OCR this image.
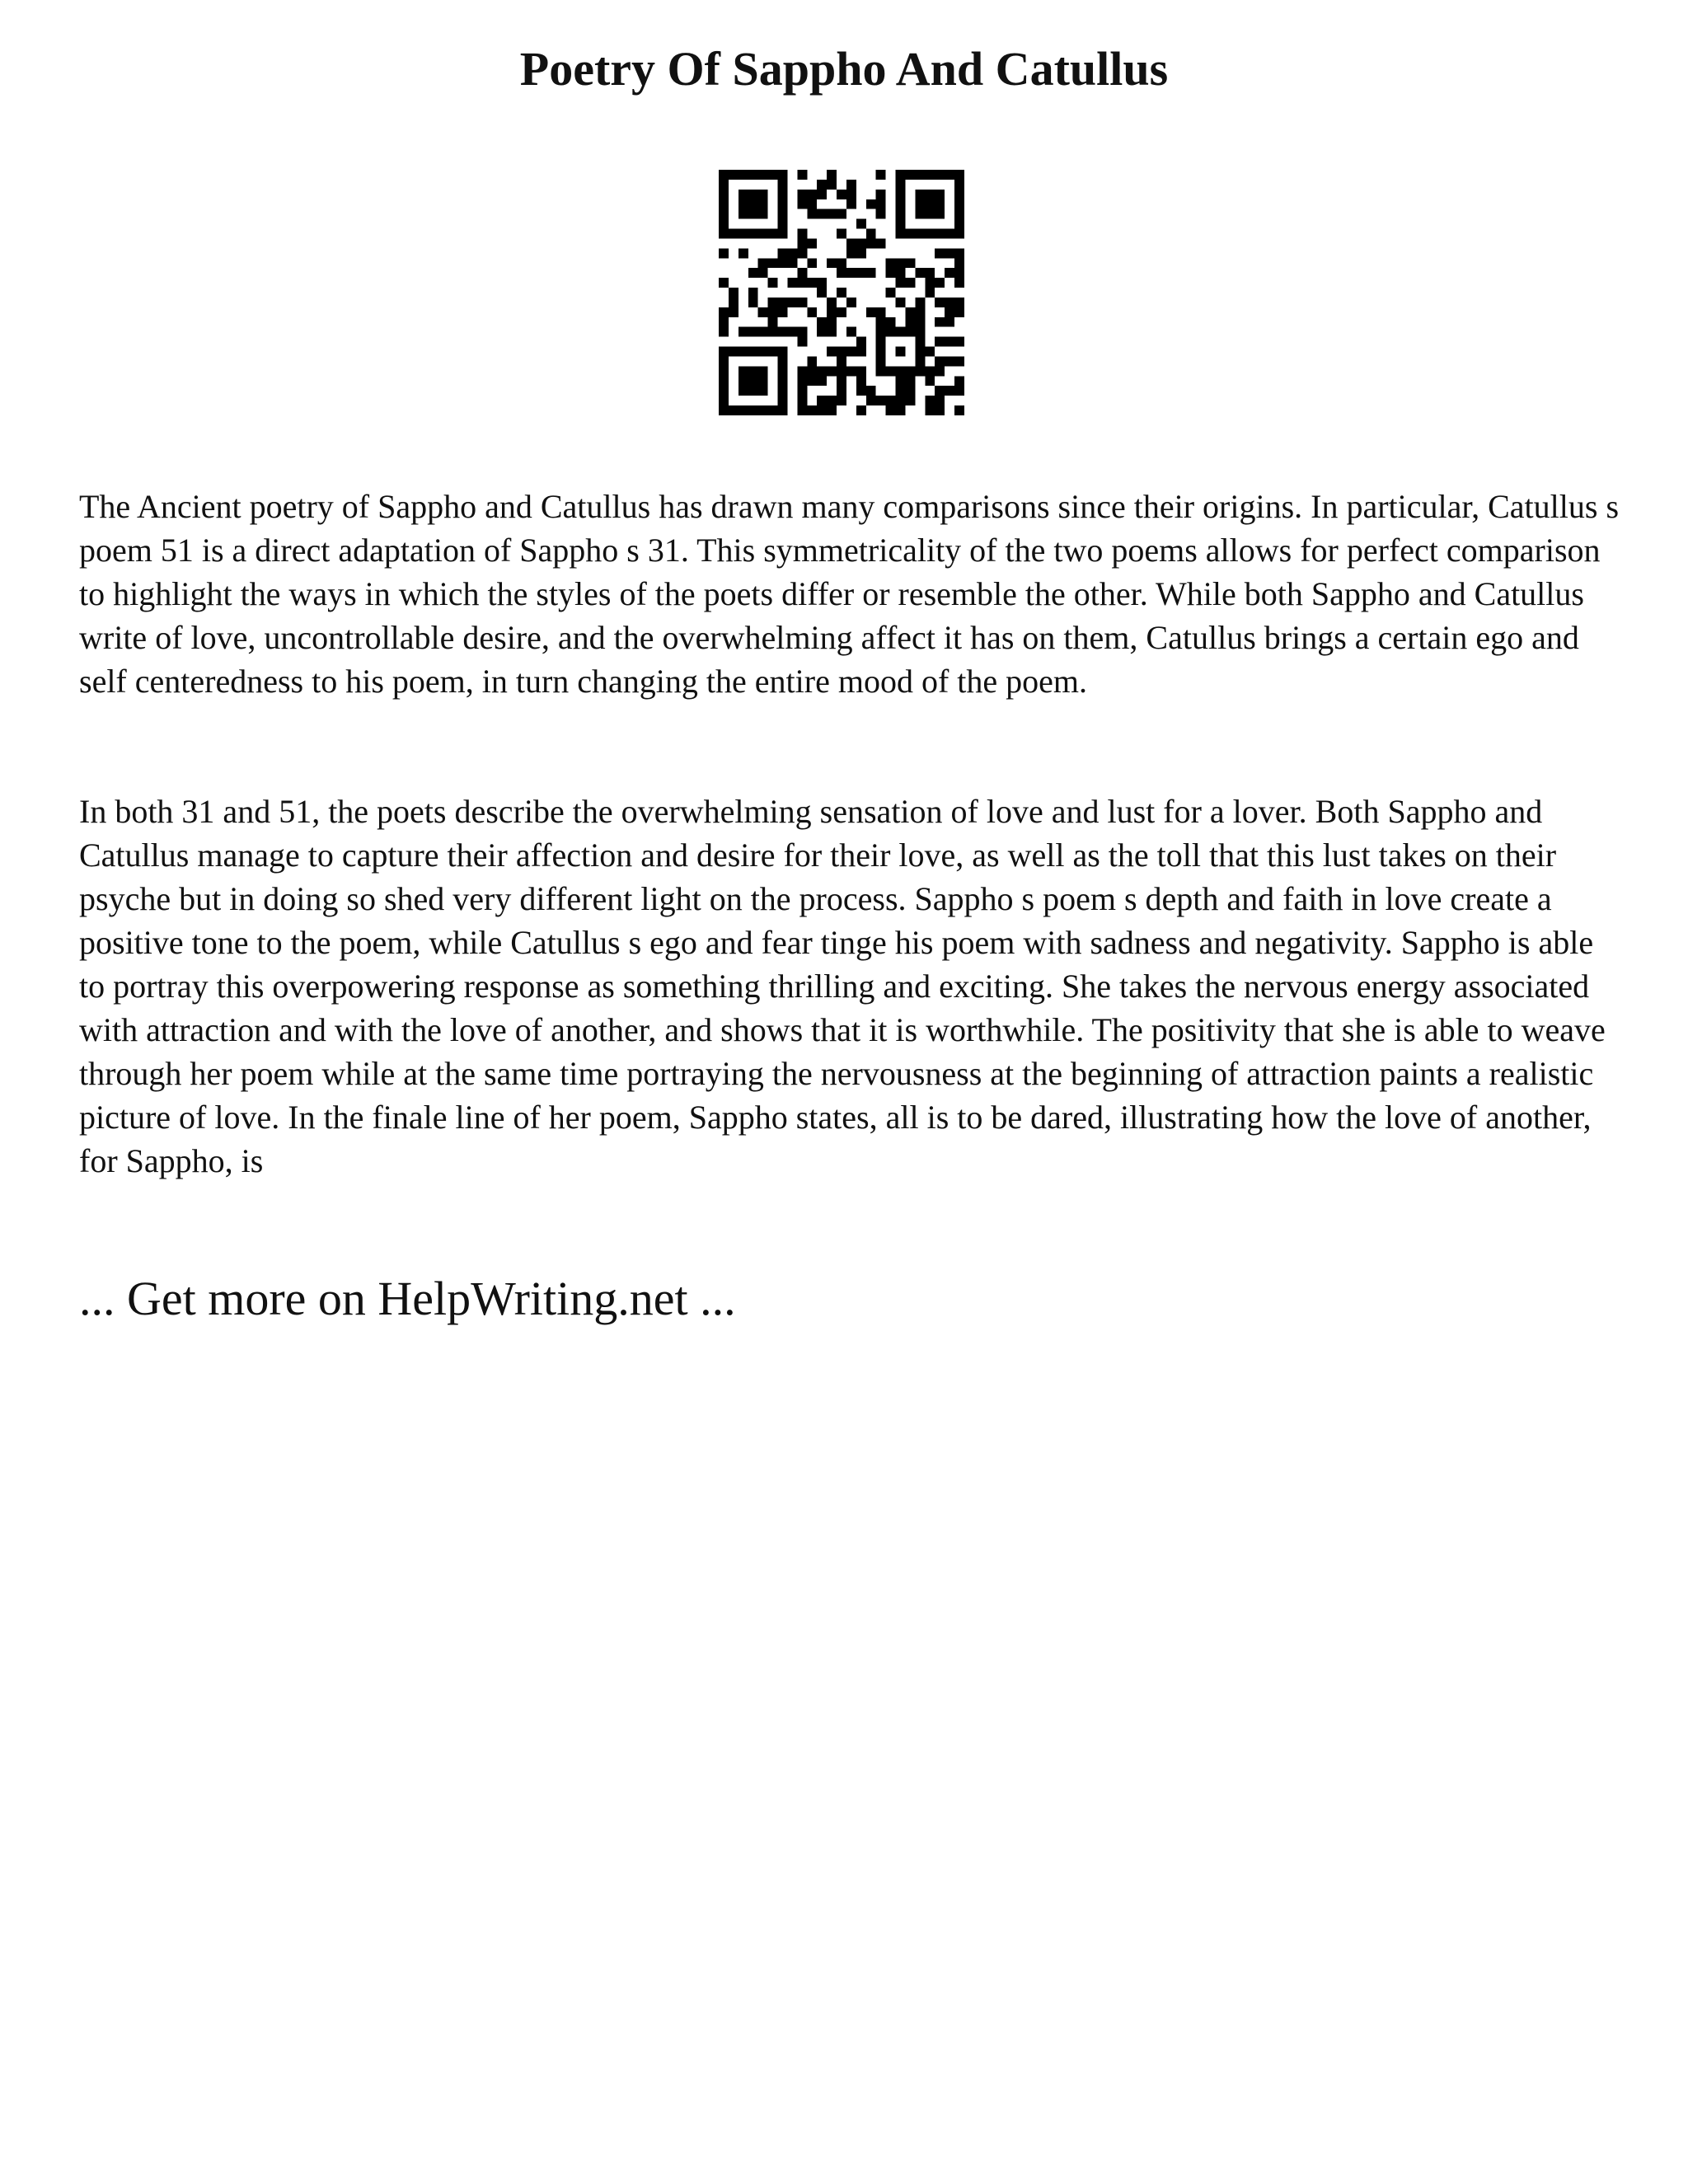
Poetry Of Sappho And Catullus

The Ancient poetry of Sappho and Catullus has drawn many comparisons since their origins. In particular, Catullus s poem 51 is a direct adaptation of Sappho s 31. This symmetricality of the two poems allows for perfect comparison to highlight the ways in which the styles of the poets differ or resemble the other. While both Sappho and Catullus write of love, uncontrollable desire, and the overwhelming affect it has on them, Catullus brings a certain ego and self centeredness to his poem, in turn changing the entire mood of the poem.

In both 31 and 51, the poets describe the overwhelming sensation of love and lust for a lover. Both Sappho and Catullus manage to capture their affection and desire for their love, as well as the toll that this lust takes on their psyche but in doing so shed very different light on the process. Sappho s poem s depth and faith in love create a positive tone to the poem, while Catullus s ego and fear tinge his poem with sadness and negativity. Sappho is able to portray this overpowering response as something thrilling and exciting. She takes the nervous energy associated with attraction and with the love of another, and shows that it is worthwhile. The positivity that she is able to weave through her poem while at the same time portraying the nervousness at the beginning of attraction paints a realistic picture of love. In the finale line of her poem, Sappho states, all is to be dared, illustrating how the love of another, for Sappho, is

... Get more on HelpWriting.net ...
